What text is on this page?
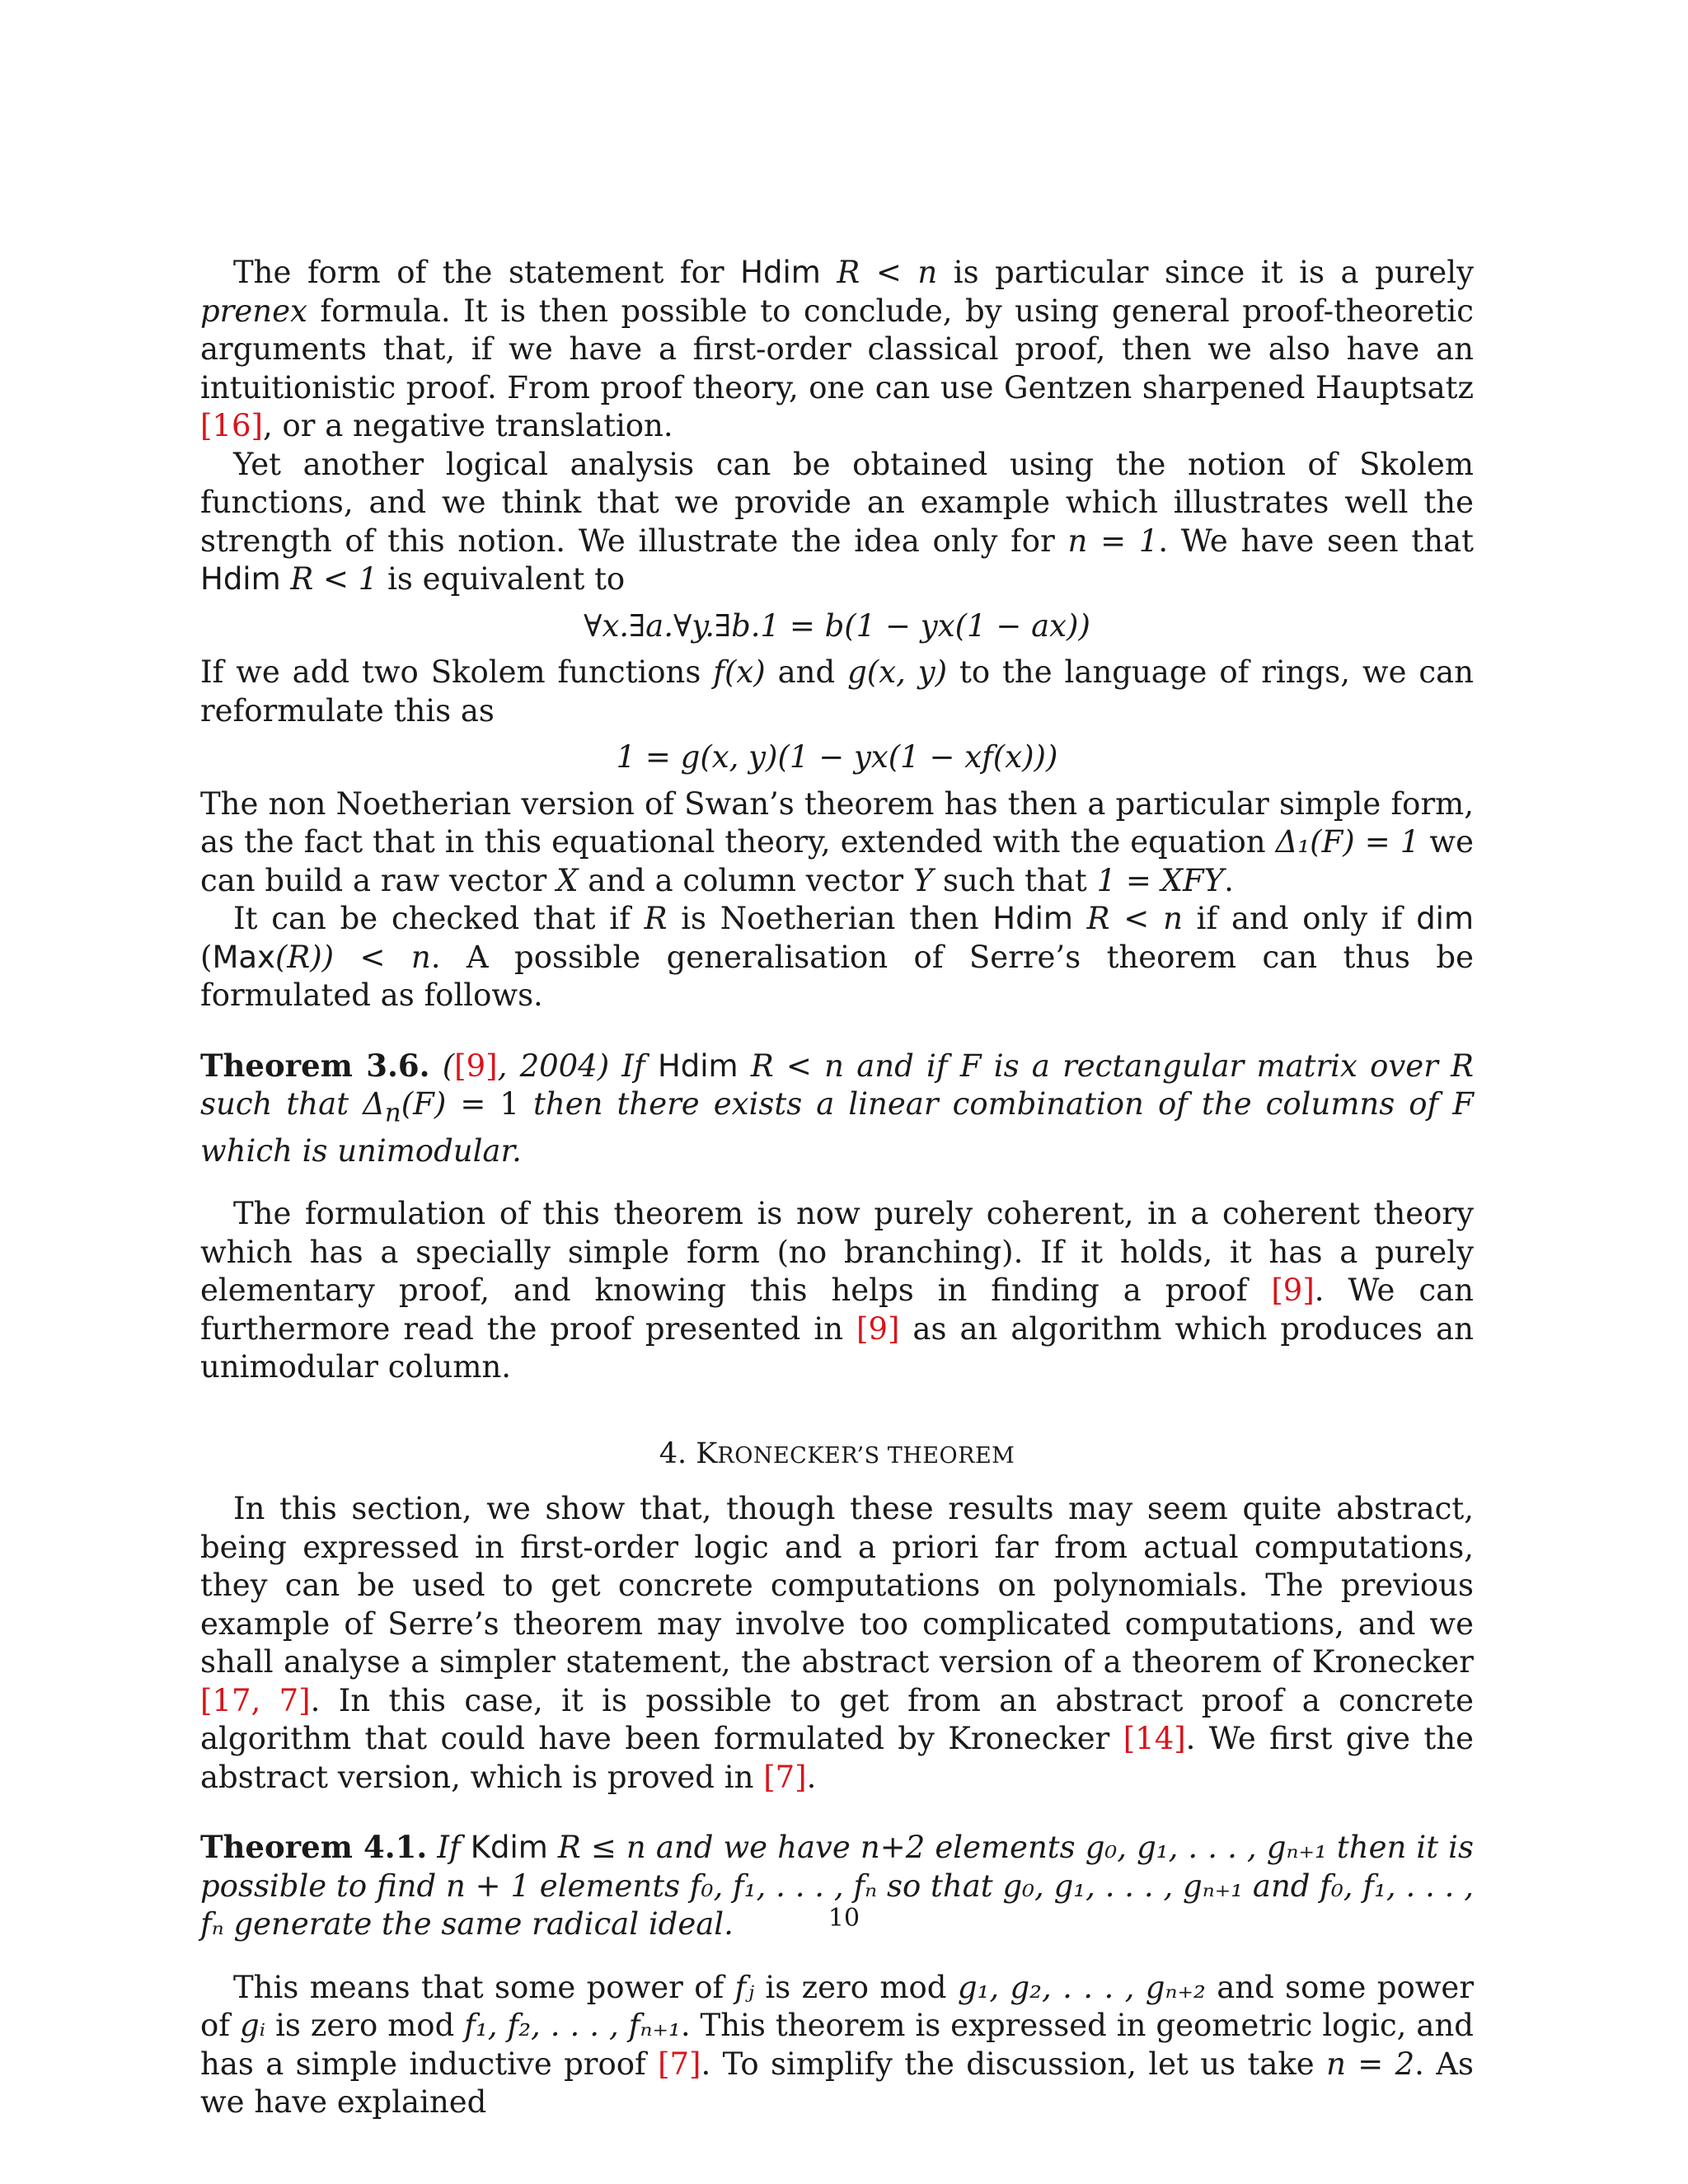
The form of the statement for Hdim R < n is particular since it is a purely prenex formula. It is then possible to conclude, by using general proof-theoretic arguments that, if we have a first-order classical proof, then we also have an intuitionistic proof. From proof theory, one can use Gentzen sharpened Hauptsatz [16], or a negative translation.

Yet another logical analysis can be obtained using the notion of Skolem functions, and we think that we provide an example which illustrates well the strength of this notion. We illustrate the idea only for n = 1. We have seen that Hdim R < 1 is equivalent to

∀x.∃a.∀y.∃b.1 = b(1 − yx(1 − ax))

If we add two Skolem functions f(x) and g(x, y) to the language of rings, we can reformulate this as

1 = g(x, y)(1 − yx(1 − xf(x)))

The non Noetherian version of Swan’s theorem has then a particular simple form, as the fact that in this equational theory, extended with the equation Δ₁(F) = 1 we can build a raw vector X and a column vector Y such that 1 = XFY.

It can be checked that if R is Noetherian then Hdim R < n if and only if dim (Max(R)) < n. A possible generalisation of Serre’s theorem can thus be formulated as follows.

Theorem 3.6. ([9], 2004) If Hdim R < n and if F is a rectangular matrix over R such that $\Delta_n(F) = 1$ then there exists a linear combination of the columns of F which is unimodular.

The formulation of this theorem is now purely coherent, in a coherent theory which has a specially simple form (no branching). If it holds, it has a purely elementary proof, and knowing this helps in finding a proof [9]. We can furthermore read the proof presented in [9] as an algorithm which produces an unimodular column.

4. KRONECKER’S THEOREM

In this section, we show that, though these results may seem quite abstract, being expressed in first-order logic and a priori far from actual computations, they can be used to get concrete computations on polynomials. The previous example of Serre’s theorem may involve too complicated computations, and we shall analyse a simpler statement, the abstract version of a theorem of Kronecker [17, 7]. In this case, it is possible to get from an abstract proof a concrete algorithm that could have been formulated by Kronecker [14]. We first give the abstract version, which is proved in [7].

Theorem 4.1. If Kdim R ≤ n and we have n+2 elements g₀, g₁, . . . , gₙ₊₁ then it is possible to find n + 1 elements f₀, f₁, . . . , fₙ so that g₀, g₁, . . . , gₙ₊₁ and f₀, f₁, . . . , fₙ generate the same radical ideal.

This means that some power of fⱼ is zero mod g₁, g₂, . . . , gₙ₊₂ and some power of gᵢ is zero mod f₁, f₂, . . . , fₙ₊₁. This theorem is expressed in geometric logic, and has a simple inductive proof [7]. To simplify the discussion, let us take n = 2. As we have explained

10
